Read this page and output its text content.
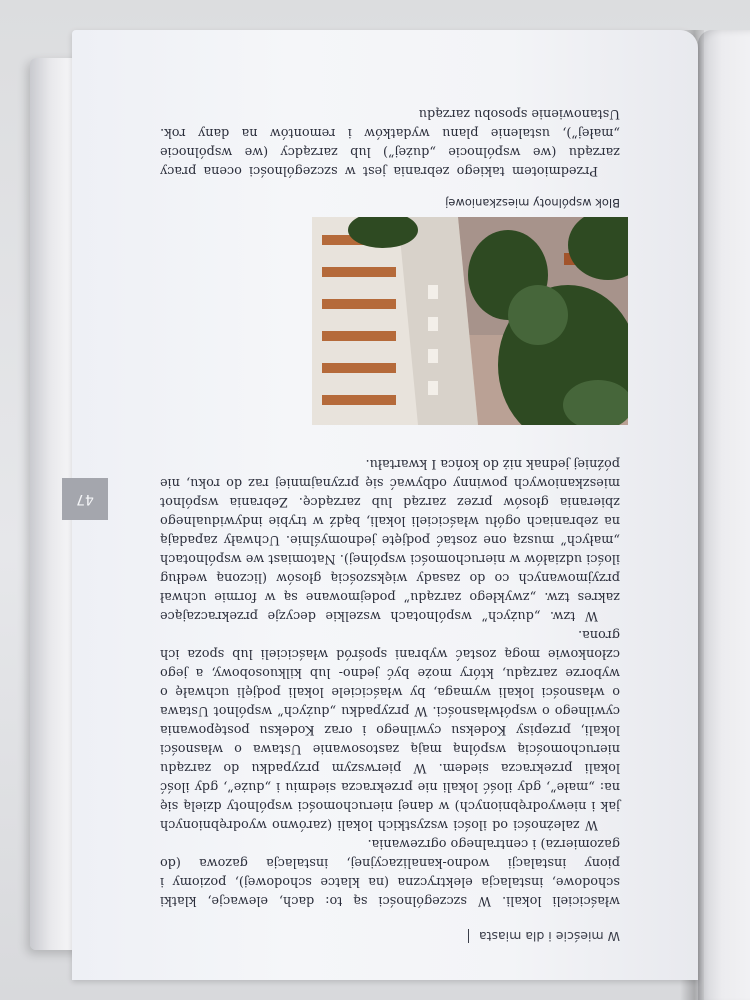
W mieście i dla miasta

właścicieli lokali. W szczególności są to: dach, elewacje, klatki schodowe, instalacja elektryczna (na klatce schodowej), poziomy i piony instalacji wodno-kanalizacyjnej, instalacja gazowa (do gazomierza) i centralnego ogrzewania.

W zależności od ilości wszystkich lokali (zarówno wyodrębnionych jak i niewyodrębnionych) w danej nieruchomości wspólnoty dzielą się na: „małe”, gdy ilość lokali nie przekracza siedmiu i „duże”, gdy ilość lokali przekracza siedem. W pierwszym przypadku do zarządu nieruchomością wspólną mają zastosowanie Ustawa o własności lokali, przepisy Kodeksu cywilnego i oraz Kodeksu postępowania cywilnego o współwłasności. W przypadku „dużych” wspólnot Ustawa o własności lokali wymaga, by właściciele lokali podjęli uchwałę o wyborze zarządu, który może być jedno- lub kilkuosobowy, a jego członkowie mogą zostać wybrani spośród właścicieli lub spoza ich grona.

W tzw. „dużych” wspólnotach wszelkie decyzje przekraczające zakres tzw. „zwykłego zarządu” podejmowane są w formie uchwał przyjmowanych co do zasady większością głosów (liczoną według ilości udziałów w nieruchomości wspólnej). Natomiast we wspólnotach „małych” muszą one zostać podjęte jednomyślnie. Uchwały zapadają na zebraniach ogółu właścicieli lokali, bądź w trybie indywidualnego zbierania głosów przez zarząd lub zarządcę. Zebrania wspólnot mieszkaniowych powinny odbywać się przynajmniej raz do roku, nie później jednak niż do końca I kwartału.

Blok wspólnoty mieszkaniowej

Przedmiotem takiego zebrania jest w szczególności ocena pracy zarządu (we wspólnocie „dużej”) lub zarządcy (we wspólnocie „małej”), ustalenie planu wydatków i remontów na dany rok. Ustanowienie sposobu zarządu

47
